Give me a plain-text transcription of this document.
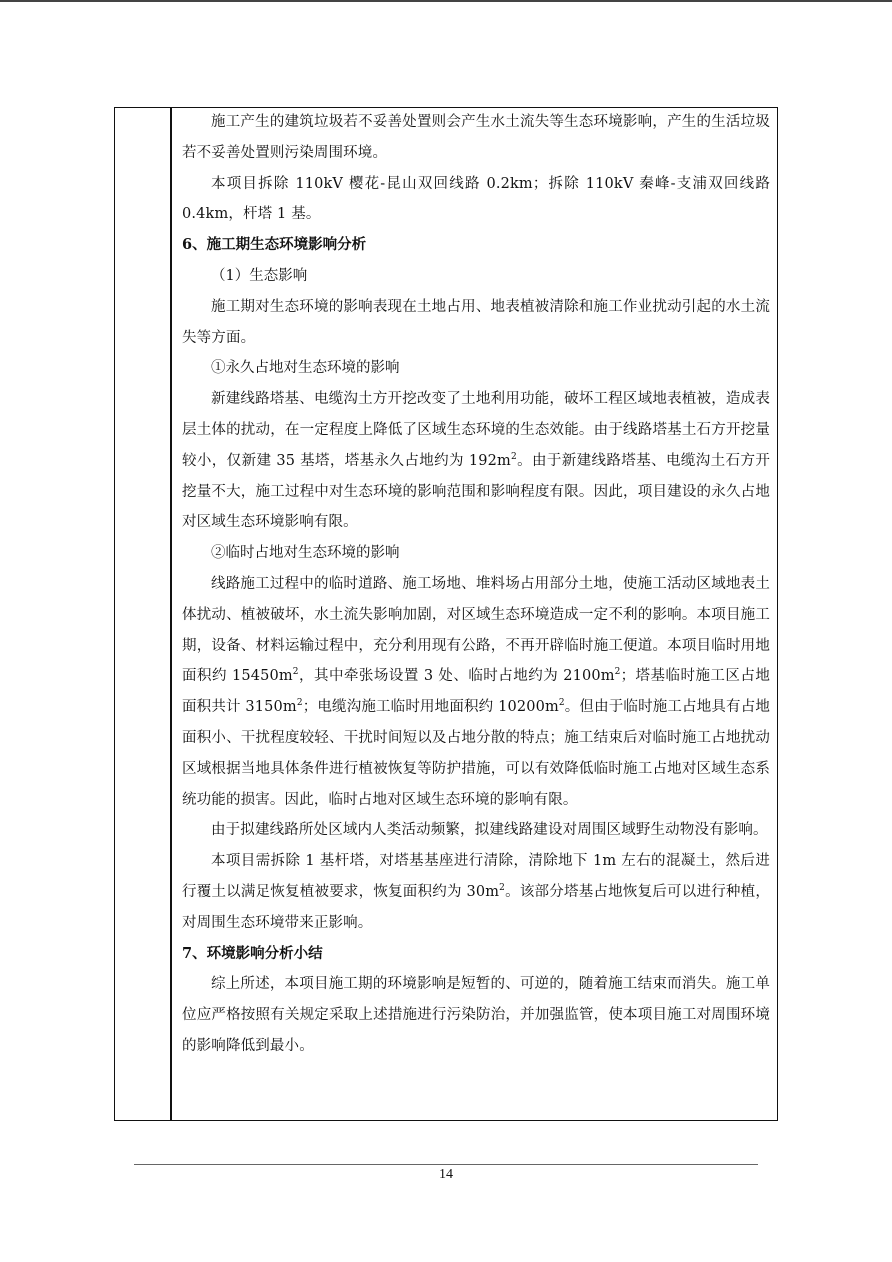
施工产生的建筑垃圾若不妥善处置则会产生水土流失等生态环境影响，产生的生活垃圾若不妥善处置则污染周围环境。

本项目拆除 110kV 樱花-昆山双回线路 0.2km；拆除 110kV 秦峰-支浦双回线路 0.4km，杆塔 1 基。

6、施工期生态环境影响分析

（1）生态影响

施工期对生态环境的影响表现在土地占用、地表植被清除和施工作业扰动引起的水土流失等方面。

①永久占地对生态环境的影响

新建线路塔基、电缆沟土方开挖改变了土地利用功能，破坏工程区域地表植被，造成表层土体的扰动，在一定程度上降低了区域生态环境的生态效能。由于线路塔基土石方开挖量较小，仅新建 35 基塔，塔基永久占地约为 $192m^2$。由于新建线路塔基、电缆沟土石方开挖量不大，施工过程中对生态环境的影响范围和影响程度有限。因此，项目建设的永久占地对区域生态环境影响有限。

②临时占地对生态环境的影响

线路施工过程中的临时道路、施工场地、堆料场占用部分土地，使施工活动区域地表土体扰动、植被破坏，水土流失影响加剧，对区域生态环境造成一定不利的影响。本项目施工期，设备、材料运输过程中，充分利用现有公路，不再开辟临时施工便道。本项目临时用地面积约 $15450m^2$，其中牵张场设置 3 处、临时占地约为 $2100m^2$；塔基临时施工区占地面积共计 $3150m^2$；电缆沟施工临时用地面积约 $10200m^2$。但由于临时施工占地具有占地面积小、干扰程度较轻、干扰时间短以及占地分散的特点；施工结束后对临时施工占地扰动区域根据当地具体条件进行植被恢复等防护措施，可以有效降低临时施工占地对区域生态系统功能的损害。因此，临时占地对区域生态环境的影响有限。

由于拟建线路所处区域内人类活动频繁，拟建线路建设对周围区域野生动物没有影响。

本项目需拆除 1 基杆塔，对塔基基座进行清除，清除地下 1m 左右的混凝土，然后进行覆土以满足恢复植被要求，恢复面积约为 $30m^2$。该部分塔基占地恢复后可以进行种植，对周围生态环境带来正影响。

7、环境影响分析小结

综上所述，本项目施工期的环境影响是短暂的、可逆的，随着施工结束而消失。施工单位应严格按照有关规定采取上述措施进行污染防治，并加强监管，使本项目施工对周围环境的影响降低到最小。

14
